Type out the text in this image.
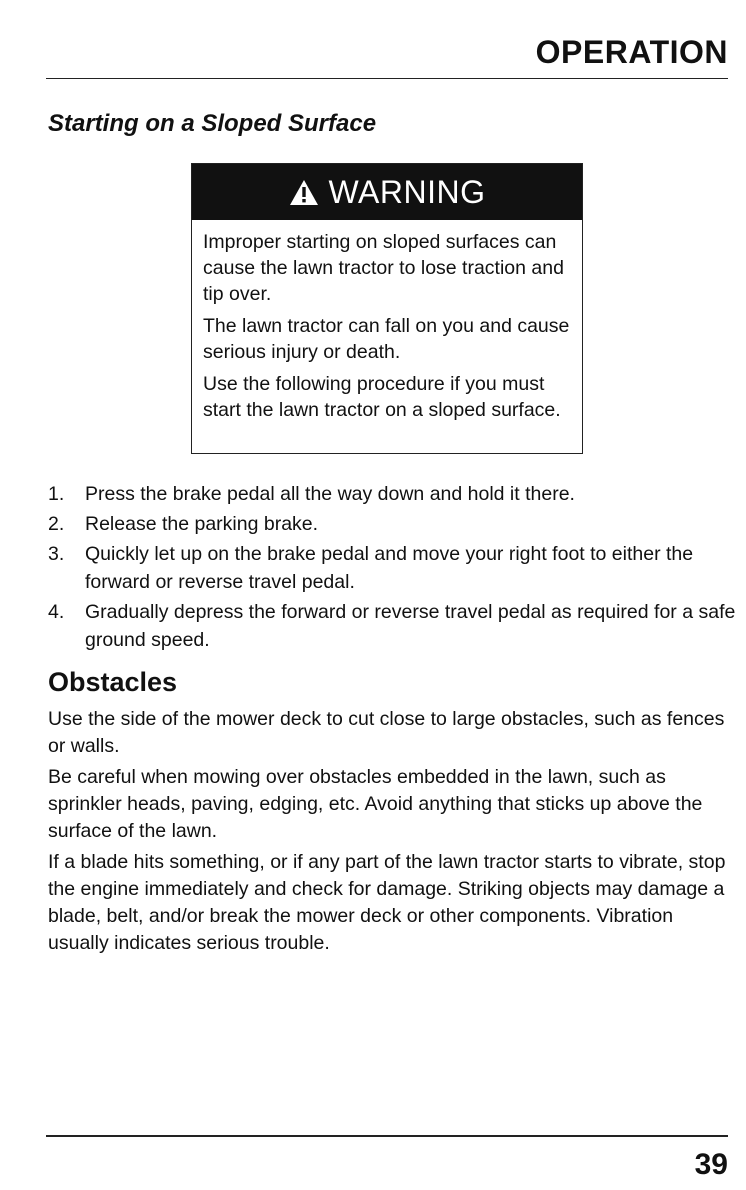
OPERATION
Starting on a Sloped Surface
WARNING

Improper starting on sloped surfaces can cause the lawn tractor to lose traction and tip over.

The lawn tractor can fall on you and cause serious injury or death.

Use the following procedure if you must start the lawn tractor on a sloped surface.

1.	Press the brake pedal all the way down and hold it there.
2.	Release the parking brake.
3.	Quickly let up on the brake pedal and move your right foot to either the forward or reverse travel pedal.
4.	Gradually depress the forward or reverse travel pedal as required for a safe ground speed.
Obstacles

Use the side of the mower deck to cut close to large obstacles, such as fences or walls.

Be careful when mowing over obstacles embedded in the lawn, such as sprinkler heads, paving, edging, etc. Avoid anything that sticks up above the surface of the lawn.

If a blade hits something, or if any part of the lawn tractor starts to vibrate, stop the engine immediately and check for damage. Striking objects may damage a blade, belt, and/or break the mower deck or other components. Vibration usually indicates serious trouble.

39
